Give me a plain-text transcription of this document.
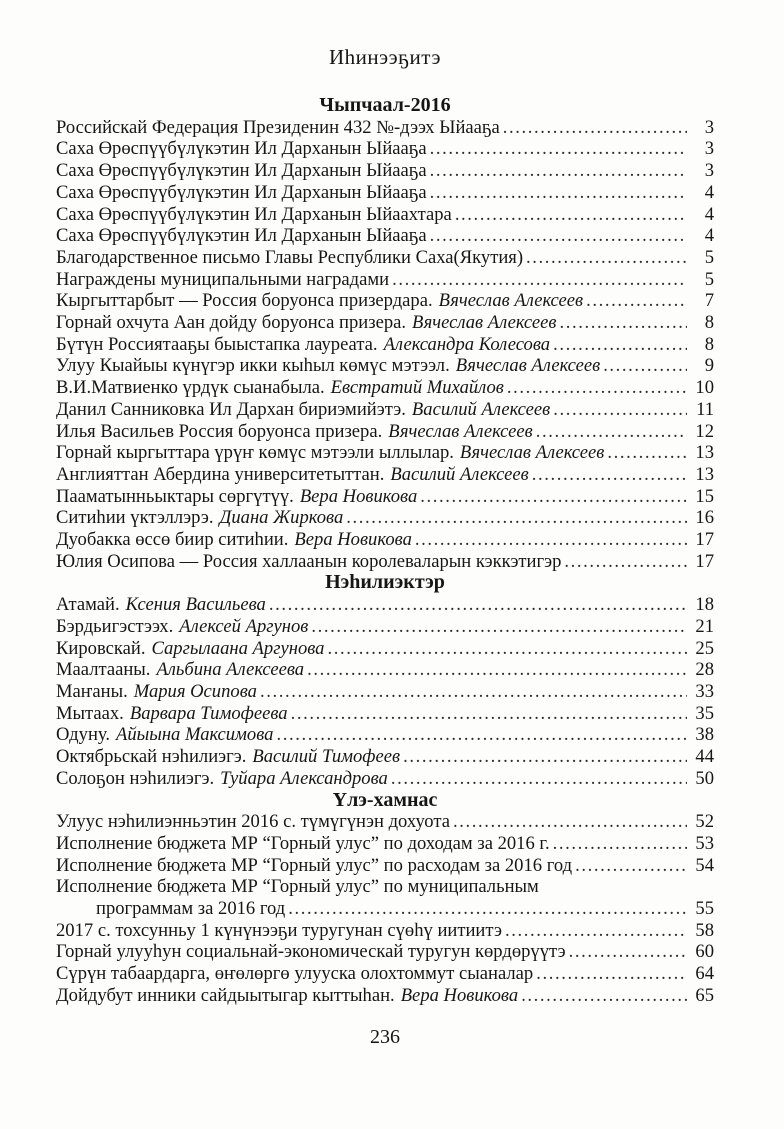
Иһинээҕитэ
Чыпчаал-2016
Российскай Федерация Президенин 432 №-дээх Ыйааҕа .....	3
Саха Өрөспүүбүлүкэтин Ил Дарханын Ыйааҕа .....	3
Саха Өрөспүүбүлүкэтин Ил Дарханын Ыйааҕа .....	3
Саха Өрөспүүбүлүкэтин Ил Дарханын Ыйааҕа .....	4
Саха Өрөспүүбүлүкэтин Ил Дарханын Ыйаахтара .....	4
Саха Өрөспүүбүлүкэтин Ил Дарханын Ыйааҕа .....	4
Благодарственное письмо Главы Республики Саха(Якутия) .....	5
Награждены муниципальными наградами .....	5
Кыргыттарбыт — Россия боруонса призердара. Вячеслав Алексеев .....	7
Горнай охчута Аан дойду боруонса призера. Вячеслав Алексеев .....	8
Бүтүн Россиятааҕы быыстапка лауреата. Александра Колесова .....	8
Улуу Кыайыы күнүгэр икки кыһыл көмүс мэтээл. Вячеслав Алексеев .....	9
В.И.Матвиенко үрдүк сыанабыла. Евстратий Михайлов .....	10
Данил Санниковка Ил Дархан бириэмийэтэ. Василий Алексеев .....	11
Илья Васильев Россия боруонса призера. Вячеслав Алексеев .....	12
Горнай кыргыттара үрүҥ көмүс мэтээли ыллылар. Вячеслав Алексеев .....	13
Англияттан Абердина университетыттан. Василий Алексеев .....	13
Пааматынньыктары сөргүтүү. Вера Новикова .....	15
Ситиһии үктэллэрэ. Диана Жиркова .....	16
Дуобакка өссө биир ситиһии. Вера Новикова .....	17
Юлия Осипова — Россия халлаанын королеваларын кэккэтигэр .....	17
Нэһилиэктэр
Атамай. Ксения Васильева .....	18
Бэрдьигэстээх. Алексей Аргунов .....	21
Кировскай. Саргылаана Аргунова .....	25
Маалтааны. Альбина Алексеева .....	28
Маҥаны. Мария Осипова .....	33
Мытаах. Варвара Тимофеева .....	35
Одуну. Айыына Максимова .....	38
Октябрьскай нэһилиэгэ. Василий Тимофеев .....	44
Солоҕон нэһилиэгэ. Туйара Александрова .....	50
Үлэ-хамнас
Улуус нэһилиэнньэтин 2016 с. түмүгүнэн дохуота .....	52
Исполнение бюджета МР “Горный улус” по доходам за 2016 г. .....	53
Исполнение бюджета МР “Горный улус” по расходам за 2016 год .....	54
Исполнение бюджета МР “Горный улус” по муниципальным
программам за 2016 год .....	55
2017 с. тохсунньу 1 күнүнээҕи туругунан сүөһү иитиитэ .....	58
Горнай улууһун социальнай-экономическай туругун көрдөрүүтэ .....	60
Сүрүн табаардарга, өҥөлөргө улууска олохтоммут сыаналар .....	64
Дойдубут инники сайдыытыгар кыттыһан. Вера Новикова .....	65
236
